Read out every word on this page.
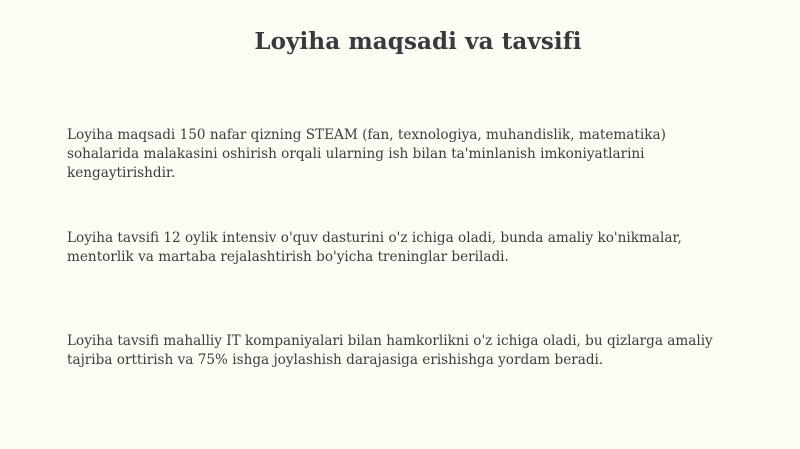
Loyiha maqsadi va tavsifi

Loyiha maqsadi 150 nafar qizning STEAM (fan, texnologiya, muhandislik, matematika)
sohalarida malakasini oshirish orqali ularning ish bilan ta'minlanish imkoniyatlarini
kengaytirishdir.

Loyiha tavsifi 12 oylik intensiv o'quv dasturini o'z ichiga oladi, bunda amaliy ko'nikmalar,
mentorlik va martaba rejalashtirish bo'yicha treninglar beriladi.

Loyiha tavsifi mahalliy IT kompaniyalari bilan hamkorlikni o'z ichiga oladi, bu qizlarga amaliy
tajriba orttirish va 75% ishga joylashish darajasiga erishishga yordam beradi.
